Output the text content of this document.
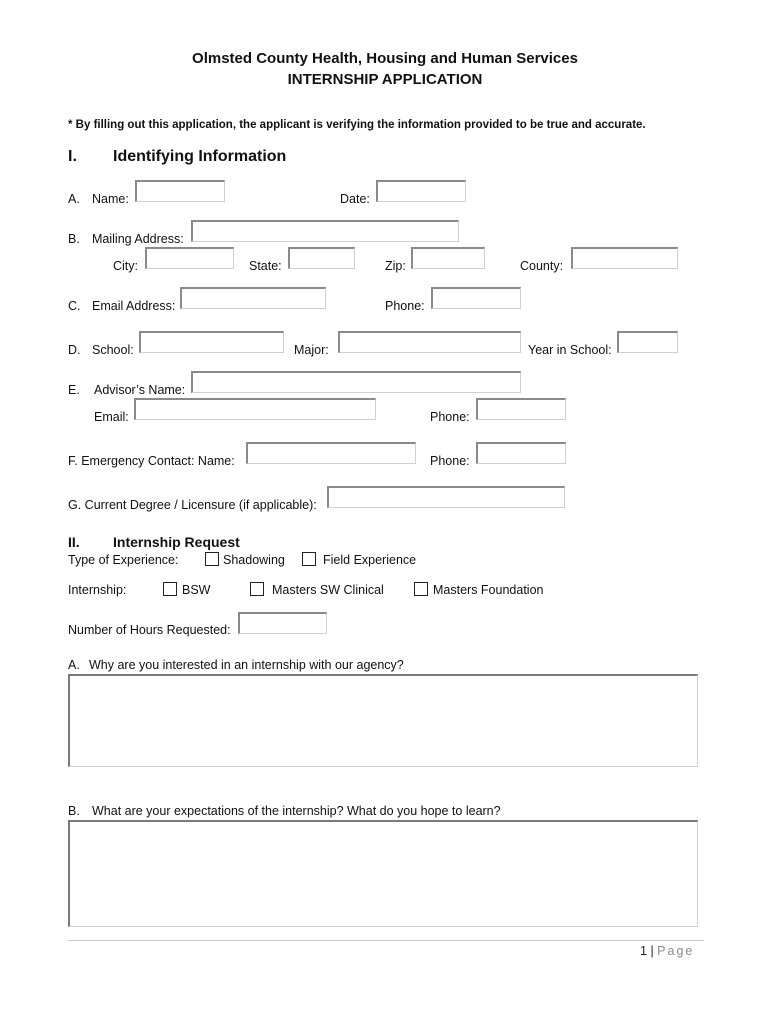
Olmsted County Health, Housing and Human Services
INTERNSHIP APPLICATION
* By filling out this application, the applicant is verifying the information provided to be true and accurate.
I. Identifying Information
A. Name:	Date:
B. Mailing Address:
City:	State:	Zip:	County:
C. Email Address:	Phone:
D. School:	Major:	Year in School:
E. Advisor’s Name:
Email:	Phone:
F. Emergency Contact: Name:	Phone:
G. Current Degree / Licensure (if applicable):
II. Internship Request
Type of Experience:	Shadowing	Field Experience
Internship:	BSW	Masters SW Clinical	Masters Foundation
Number of Hours Requested:
A. Why are you interested in an internship with our agency?
B. What are your expectations of the internship? What do you hope to learn?
1 | Page
